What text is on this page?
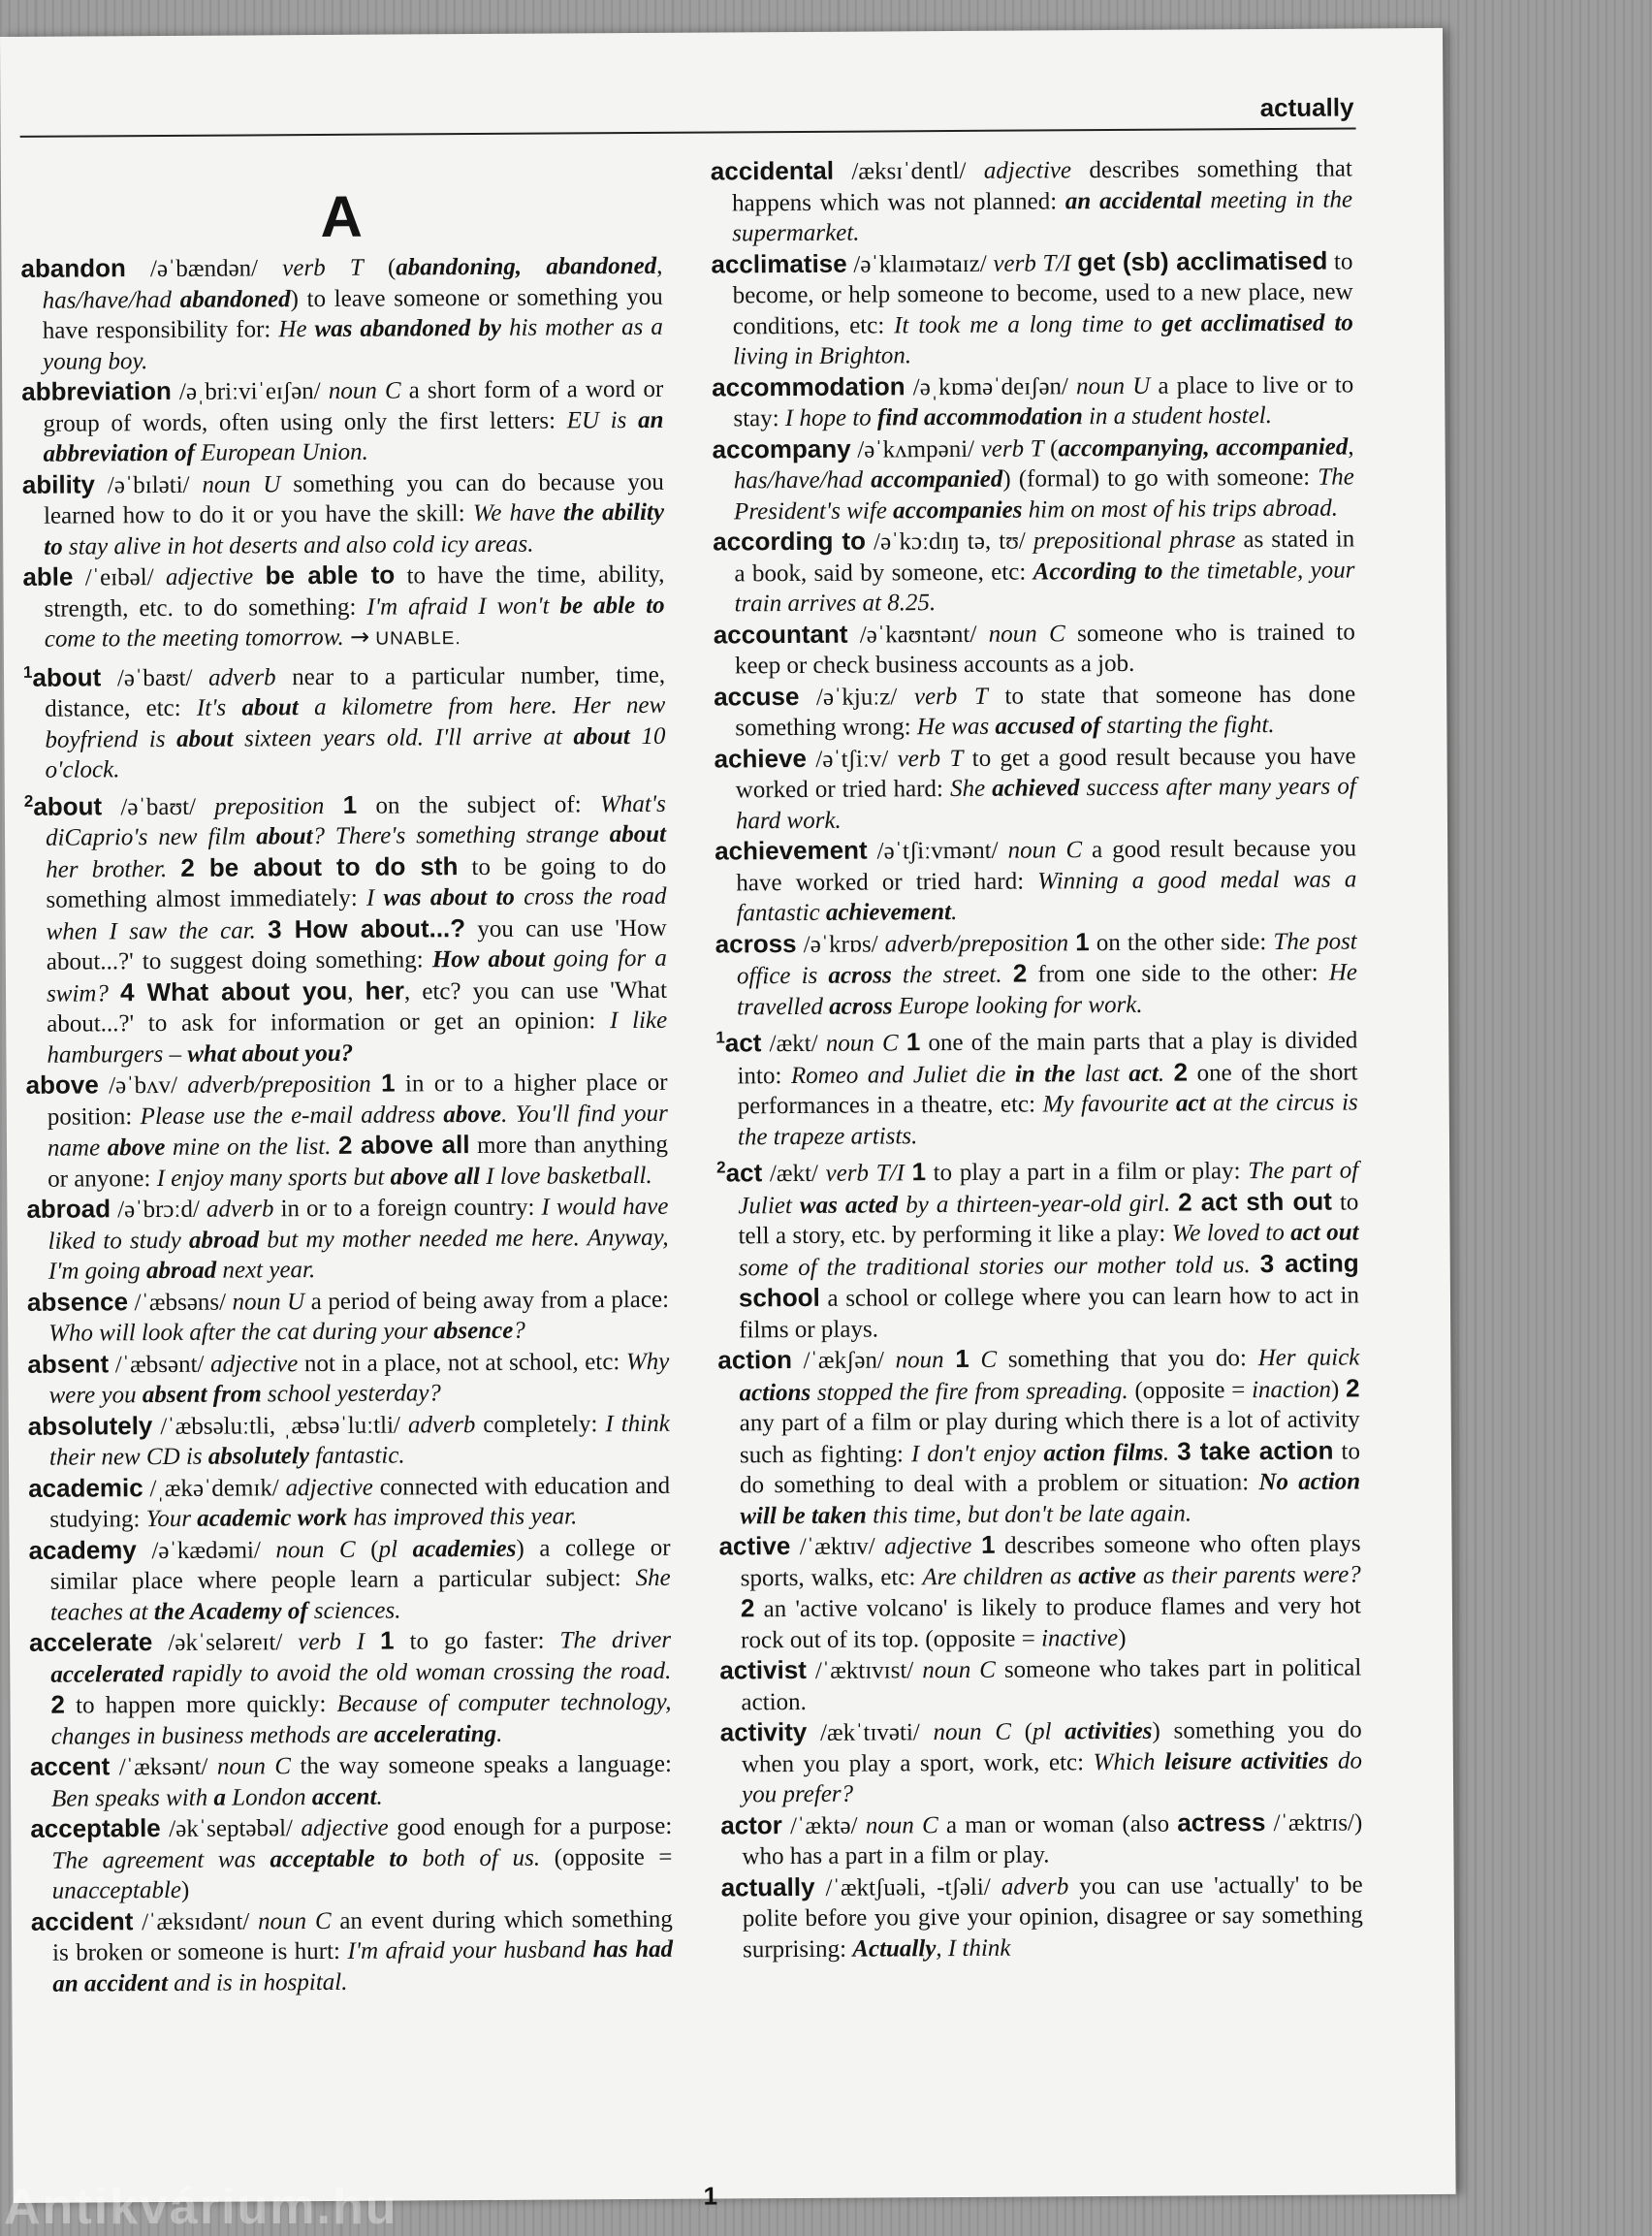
actually
A

abandon /əˈbændən/ verb T (abandoning, abandoned, has/have/had abandoned) to leave someone or something you have responsibility for: He was abandoned by his mother as a young boy.

abbreviation /əˌbriːviˈeɪʃən/ noun C a short form of a word or group of words, often using only the first letters: EU is an abbreviation of European Union.

ability /əˈbɪləti/ noun U something you can do because you learned how to do it or you have the skill: We have the ability to stay alive in hot deserts and also cold icy areas.

able /ˈeɪbəl/ adjective be able to to have the time, ability, strength, etc. to do something: I'm afraid I won't be able to come to the meeting tomorrow. → UNABLE.

$^1$about /əˈbaʊt/ adverb near to a particular number, time, distance, etc: It's about a kilometre from here. Her new boyfriend is about sixteen years old. I'll arrive at about 10 o'clock.

$^2$about /əˈbaʊt/ preposition 1 on the subject of: What's diCaprio's new film about? There's something strange about her brother. 2 be about to do sth to be going to do something almost immediately: I was about to cross the road when I saw the car. 3 How about...? you can use 'How about...?' to suggest doing something: How about going for a swim? 4 What about you, her, etc? you can use 'What about...?' to ask for information or get an opinion: I like hamburgers – what about you?

above /əˈbʌv/ adverb/preposition 1 in or to a higher place or position: Please use the e-mail address above. You'll find your name above mine on the list. 2 above all more than anything or anyone: I enjoy many sports but above all I love basketball.

abroad /əˈbrɔːd/ adverb in or to a foreign country: I would have liked to study abroad but my mother needed me here. Anyway, I'm going abroad next year.

absence /ˈæbsəns/ noun U a period of being away from a place: Who will look after the cat during your absence?

absent /ˈæbsənt/ adjective not in a place, not at school, etc: Why were you absent from school yesterday?

absolutely /ˈæbsəluːtli, ˌæbsəˈluːtli/ adverb completely: I think their new CD is absolutely fantastic.

academic /ˌækəˈdemɪk/ adjective connected with education and studying: Your academic work has improved this year.

academy /əˈkædəmi/ noun C (pl academies) a college or similar place where people learn a particular subject: She teaches at the Academy of sciences.

accelerate /əkˈseləreɪt/ verb I 1 to go faster: The driver accelerated rapidly to avoid the old woman crossing the road. 2 to happen more quickly: Because of computer technology, changes in business methods are accelerating.

accent /ˈæksənt/ noun C the way someone speaks a language: Ben speaks with a London accent.

acceptable /əkˈseptəbəl/ adjective good enough for a purpose: The agreement was acceptable to both of us. (opposite = unacceptable)

accident /ˈæksɪdənt/ noun C an event during which something is broken or someone is hurt: I'm afraid your husband has had an accident and is in hospital.

accidental /æksɪˈdentl/ adjective describes something that happens which was not planned: an accidental meeting in the supermarket.

acclimatise /əˈklaɪmətaɪz/ verb T/I get (sb) acclimatised to become, or help someone to become, used to a new place, new conditions, etc: It took me a long time to get acclimatised to living in Brighton.

accommodation /əˌkɒməˈdeɪʃən/ noun U a place to live or to stay: I hope to find accommodation in a student hostel.

accompany /əˈkʌmpəni/ verb T (accompanying, accompanied, has/have/had accompanied) (formal) to go with someone: The President's wife accompanies him on most of his trips abroad.

according to /əˈkɔːdɪŋ tə, tʊ/ prepositional phrase as stated in a book, said by someone, etc: According to the timetable, your train arrives at 8.25.

accountant /əˈkaʊntənt/ noun C someone who is trained to keep or check business accounts as a job.

accuse /əˈkjuːz/ verb T to state that someone has done something wrong: He was accused of starting the fight.

achieve /əˈtʃiːv/ verb T to get a good result because you have worked or tried hard: She achieved success after many years of hard work.

achievement /əˈtʃiːvmənt/ noun C a good result because you have worked or tried hard: Winning a good medal was a fantastic achievement.

across /əˈkrɒs/ adverb/preposition 1 on the other side: The post office is across the street. 2 from one side to the other: He travelled across Europe looking for work.

$^1$act /ækt/ noun C 1 one of the main parts that a play is divided into: Romeo and Juliet die in the last act. 2 one of the short performances in a theatre, etc: My favourite act at the circus is the trapeze artists.

$^2$act /ækt/ verb T/I 1 to play a part in a film or play: The part of Juliet was acted by a thirteen-year-old girl. 2 act sth out to tell a story, etc. by performing it like a play: We loved to act out some of the traditional stories our mother told us. 3 acting school a school or college where you can learn how to act in films or plays.

action /ˈækʃən/ noun 1 C something that you do: Her quick actions stopped the fire from spreading. (opposite = inaction) 2 any part of a film or play during which there is a lot of activity such as fighting: I don't enjoy action films. 3 take action to do something to deal with a problem or situation: No action will be taken this time, but don't be late again.

active /ˈæktɪv/ adjective 1 describes someone who often plays sports, walks, etc: Are children as active as their parents were? 2 an 'active volcano' is likely to produce flames and very hot rock out of its top. (opposite = inactive)

activist /ˈæktɪvɪst/ noun C someone who takes part in political action.

activity /ækˈtɪvəti/ noun C (pl activities) something you do when you play a sport, work, etc: Which leisure activities do you prefer?

actor /ˈæktə/ noun C a man or woman (also actress /ˈæktrɪs/) who has a part in a film or play.

actually /ˈæktʃuəli, -tʃəli/ adverb you can use 'actually' to be polite before you give your opinion, disagree or say something surprising: Actually, I think

1
Antikvárium.hu
